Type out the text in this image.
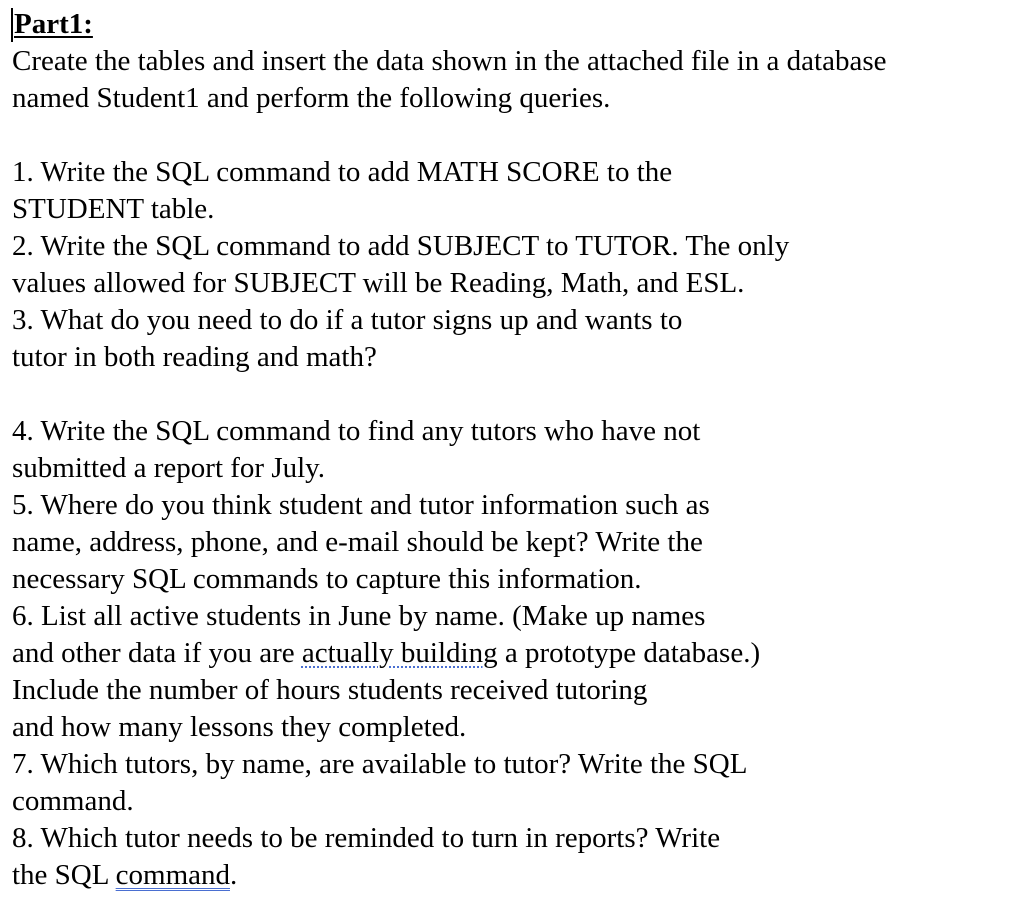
Part1:
Create the tables and insert the data shown in the attached file in a database
named Student1 and perform the following queries.
1. Write the SQL command to add MATH SCORE to the
STUDENT table.
2. Write the SQL command to add SUBJECT to TUTOR. The only
values allowed for SUBJECT will be Reading, Math, and ESL.
3. What do you need to do if a tutor signs up and wants to
tutor in both reading and math?
4. Write the SQL command to find any tutors who have not
submitted a report for July.
5. Where do you think student and tutor information such as
name, address, phone, and e-mail should be kept? Write the
necessary SQL commands to capture this information.
6. List all active students in June by name. (Make up names
and other data if you are actually building a prototype database.)
Include the number of hours students received tutoring
and how many lessons they completed.
7. Which tutors, by name, are available to tutor? Write the SQL
command.
8. Which tutor needs to be reminded to turn in reports? Write
the SQL command.
